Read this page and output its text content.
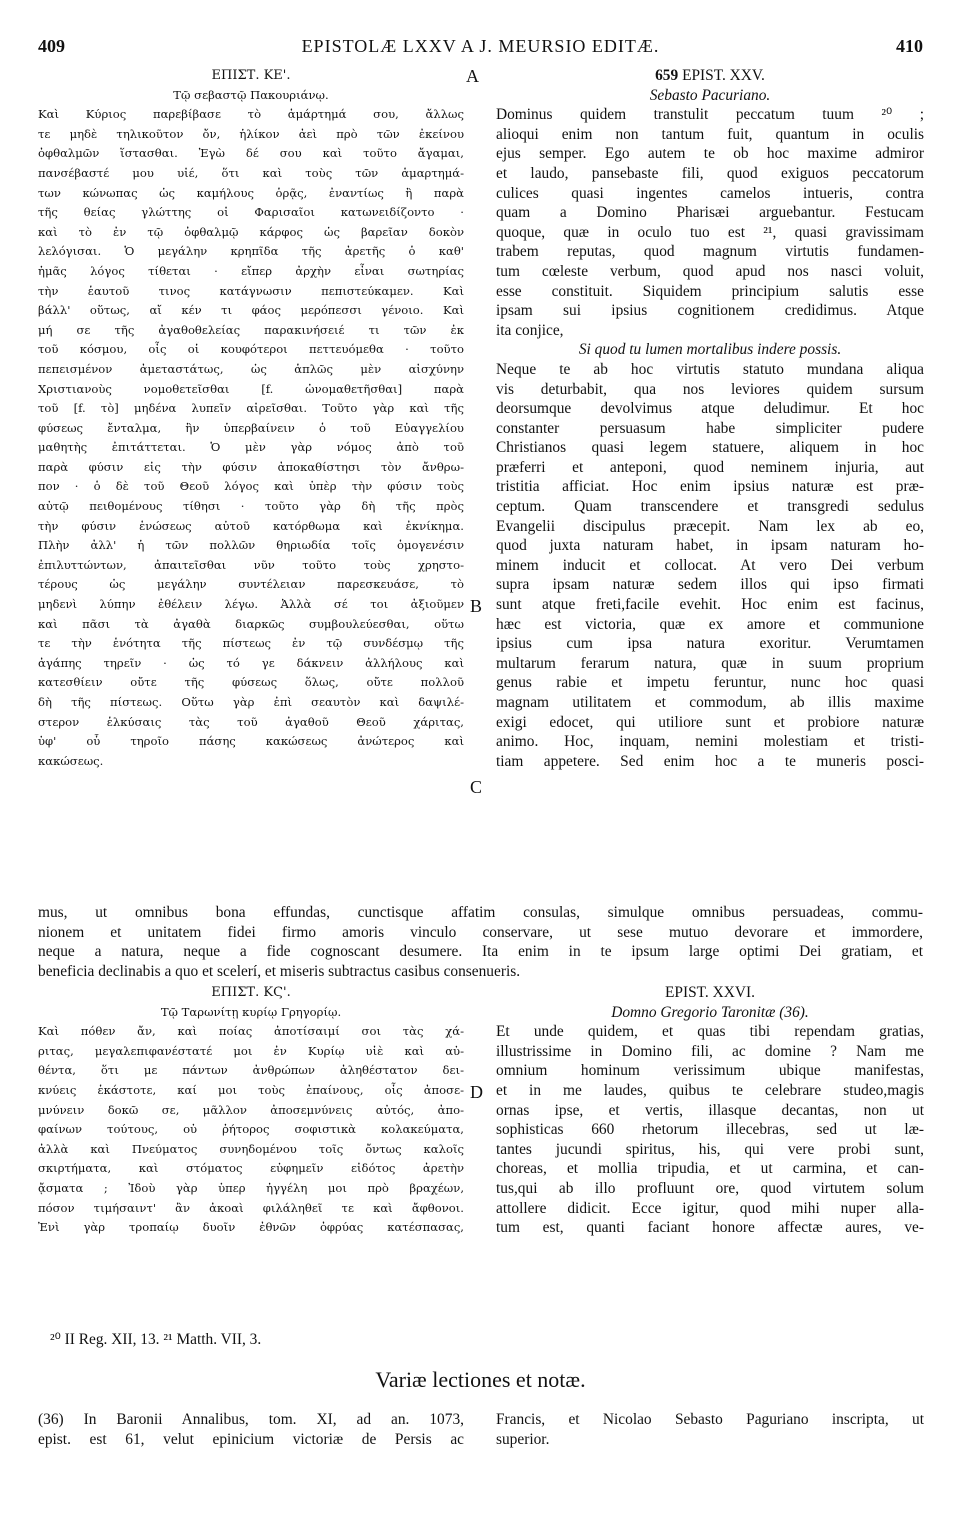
409	EPISTOLÆ LXXV A J. MEURSIO EDITÆ.	410
A
B
C
D
ΕΠΙΣΤ. ΚΕ'.
Τῷ σεβαστῷ Πακουριάνῳ.
Καὶ Κύριος παρεβίβασε τὸ ἁμάρτημά σου, ἄλλως
τε μηδὲ τηλικοῦτον ὄν, ἡλίκον ἀεὶ πρὸ τῶν ἐκείνου
ὀφθαλμῶν ἵστασθαι. Ἐγὼ δέ σου καὶ τοῦτο ἄγαμαι,
πανσέβαστέ μου υἱέ, ὅτι καὶ τοὺς τῶν ἁμαρτημά-
των κώνωπας ὡς καμήλους ὁρᾷς, ἐναντίως ἢ παρὰ
τῆς θείας γλώττης οἱ Φαρισαῖοι κατωνειδίζοντο ·
καὶ τὸ ἐν τῷ ὀφθαλμῷ κάρφος ὡς βαρεῖαν δοκὸν
λελόγισαι. Ὁ μεγάλην κρηπῖδα τῆς ἀρετῆς ὁ καθ'
ἡμᾶς λόγος τίθεται · εἴπερ ἀρχὴν εἶναι σωτηρίας
τὴν ἑαυτοῦ τινος κατάγνωσιν πεπιστεύκαμεν. Καὶ
βάλλ' οὕτως, αἴ κέν τι φάος μερόπεσσι γένοιο. Καὶ
μή σε τῆς ἀγαθοθελείας παρακινήσειέ τι τῶν ἐκ
τοῦ κόσμου, οἷς οἱ κουφότεροι πεττευόμεθα · τοῦτο
πεπεισμένον ἀμεταστάτως, ὡς ἁπλῶς μὲν αἰσχύνην
Χριστιανοὺς νομοθετεῖσθαι [f. ὠνομαθετῆσθαι] παρὰ
τοῦ [f. τὸ] μηδένα λυπεῖν αἱρεῖσθαι. Τοῦτο γὰρ καὶ τῆς
φύσεως ἔνταλμα, ἣν ὑπερβαίνειν ὁ τοῦ Εὐαγγελίου
μαθητὴς ἐπιτάττεται. Ὁ μὲν γὰρ νόμος ἀπὸ τοῦ
παρὰ φύσιν εἰς τὴν φύσιν ἀποκαθίστησι τὸν ἄνθρω-
πον · ὁ δὲ τοῦ Θεοῦ λόγος καὶ ὑπὲρ τὴν φύσιν τοὺς
αὐτῷ πειθομένους τίθησι · τοῦτο γὰρ δὴ τῆς πρὸς
τὴν φύσιν ἑνώσεως αὐτοῦ κατόρθωμα καὶ ἐκνίκημα.
Πλὴν ἀλλ' ἡ τῶν πολλῶν θηριωδία τοῖς ὁμογενέσιν
ἐπιλυττώντων, ἀπαιτεῖσθαι νῦν τοῦτο τοὺς χρηστο-
τέρους ὡς μεγάλην συντέλειαν παρεσκευάσε, τὸ
μηδενὶ λύπην ἐθέλειν λέγω. Ἀλλὰ σέ τοι ἀξιοῦμεν
καὶ πᾶσι τὰ ἀγαθὰ διαρκῶς συμβουλεύεσθαι, οὕτω
τε τὴν ἑνότητα τῆς πίστεως ἐν τῷ συνδέσμῳ τῆς
ἀγάπης τηρεῖν · ὡς τό γε δάκνειν ἀλλήλους καὶ
κατεσθίειν οὔτε τῆς φύσεως ὅλως, οὔτε πολλοῦ
δὴ τῆς πίστεως. Οὕτω γὰρ ἐπὶ σεαυτὸν καὶ δαψιλέ-
στερον ἑλκύσαις τὰς τοῦ ἀγαθοῦ Θεοῦ χάριτας,
ὑφ' οὗ τηροῖο πάσης κακώσεως ἀνώτερος καὶ
κακώσεως.
659 EPIST. XXV.
Sebasto Pacuriano.
Dominus quidem transtulit peccatum tuum ²⁰ ;
alioqui enim non tantum fuit, quantum in oculis
ejus semper. Ego autem te ob hoc maxime admiror
et laudo, pansebaste fili, quod exiguos peccatorum
culices quasi ingentes camelos intueris, contra
quam a Domino Pharisæi arguebantur. Festucam
quoque, quæ in oculo tuo est ²¹, quasi gravissimam
trabem reputas, quod magnum virtutis fundamen-
tum cœleste verbum, quod apud nos nasci voluit,
esse constituit. Siquidem principium salutis esse
ipsam sui ipsius cognitionem credidimus. Atque
ita conjice,
Si quod tu lumen mortalibus indere possis.
Neque te ab hoc virtutis statuto mundana aliqua
vis deturbabit, qua nos leviores quidem sursum
deorsumque devolvimus atque deludimur. Et hoc
constanter persuasum habe simpliciter pudere
Christianos quasi legem statuere, aliquem in hoc
præferri et anteponi, quod neminem injuria, aut
tristitia afficiat. Hoc enim ipsius naturæ est præ-
ceptum. Quam transcendere et transgredi sedulus
Evangelii discipulus præcepit. Nam lex ab eo,
quod juxta naturam habet, in ipsam naturam ho-
minem inducit et collocat. At vero Dei verbum
supra ipsam naturæ sedem illos qui ipso firmati
sunt atque freti,facile evehit. Hoc enim est facinus,
hæc est victoria, quæ ex amore et communione
ipsius cum ipsa natura exoritur. Verumtamen
multarum ferarum natura, quæ in suum proprium
genus rabie et impetu feruntur, nunc hoc quasi
magnam utilitatem et commodum, ab illis maxime
exigi edocet, qui utiliore sunt et probiore naturæ
animo. Hoc, inquam, nemini molestiam et tristi-
tiam appetere. Sed enim hoc a te muneris posci-
mus, ut omnibus bona effundas, cunctisque affatim consulas, simulque omnibus persuadeas, commu-
nionem et unitatem fidei firmo amoris vinculo conservare, ut sese mutuo devorare et immordere,
neque a natura, neque a fide cognoscant desumere. Ita enim in te ipsum large optimi Dei gratiam, et
beneficia declinabis a quo et scelerí, et miseris subtractus casibus consenueris.
ΕΠΙΣΤ. ΚϚ'.
Τῷ Ταρωνίτῃ κυρίῳ Γρηγορίῳ.
Καὶ πόθεν ἄν, καὶ ποίας ἀποτίσαιμί σοι τὰς χά-
ριτας, μεγαλεπιφανέστατέ μοι ἐν Κυρίῳ υἱὲ καὶ αὐ-
θέντα, ὅτι με πάντων ἀνθρώπων ἀληθέστατον δει-
κνύεις ἑκάστοτε, καί μοι τοὺς ἐπαίνους, οἷς ἀποσε-
μνύνειν δοκῶ σε, μᾶλλον ἀποσεμνύνεις αὐτός, ἀπο-
φαίνων τούτους, οὐ ῥήτορος σοφιστικὰ κολακεύματα,
ἀλλὰ καὶ Πνεύματος συνηδομένου τοῖς ὄντως καλοῖς
σκιρτήματα, καὶ στόματος εὐφημεῖν εἰδότος ἀρετὴν
ᾄσματα ; Ἰδοὺ γὰρ ὑπερ ἠγγέλη μοι πρὸ βραχέων,
πόσον τιμήσαιντ' ἂν ἀκοαὶ φιλάληθεῖ τε καὶ ἄφθονοι.
Ἐνὶ γὰρ τροπαίῳ δυοῖν ἐθνῶν ὀφρύας κατέσπασας,
EPIST. XXVI.
Domno Gregorio Taronitæ (36).
Et unde quidem, et quas tibi rependam gratias,
illustrissime in Domino fili, ac domine ? Nam me
omnium hominum verissimum ubique manifestas,
et in me laudes, quibus te celebrare studeo,magis
ornas ipse, et vertis, illasque decantas, non ut
sophisticas 660 rhetorum illecebras, sed ut læ-
tantes jucundi spiritus, his, qui vere probi sunt,
choreas, et mollia tripudia, et ut carmina, et can-
tus,qui ab illo profluunt ore, quod virtutem solum
attollere didicit. Ecce igitur, quod mihi nuper alla-
tum est, quanti faciant honore affectæ aures, ve-
²⁰ II Reg. XII, 13. ²¹ Matth. VII, 3.
Variæ lectiones et notæ.
(36) In Baronii Annalibus, tom. XI, ad an. 1073,
epist. est 61, velut epinicium victoriæ de Persis ac
Francis, et Nicolao Sebasto Paguriano inscripta, ut
superior.
